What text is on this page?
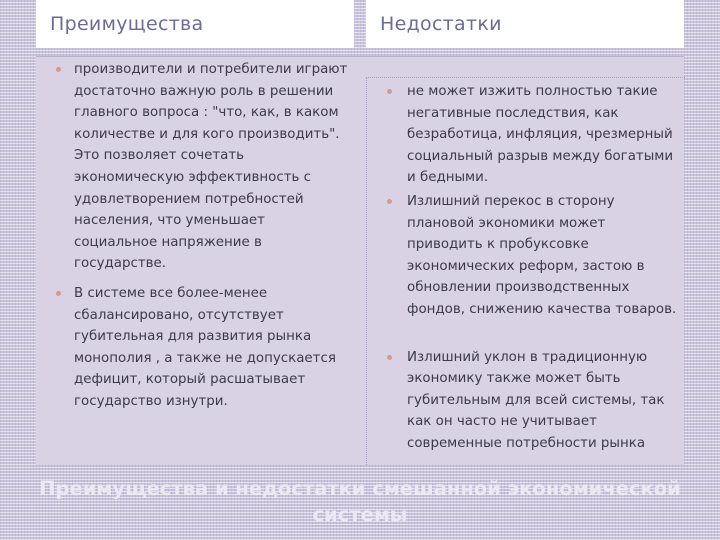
Преимущества	Недостатки
производители и потребители играют достаточно важную роль в решении главного вопроса : "что, как, в каком количестве и для кого производить". Это позволяет сочетать экономическую эффективность с удовлетворением потребностей населения, что уменьшает социальное напряжение в государстве.
В системе все более-менее сбалансировано, отсутствует губительная для развития рынка монополия , а также не допускается дефицит, который расшатывает государство изнутри.
не может изжить полностью такие негативные последствия, как безработица, инфляция, чрезмерный социальный разрыв между богатыми и бедными.
Излишний перекос в сторону плановой экономики может приводить к пробуксовке экономических реформ, застою в обновлении производственных фондов, снижению качества товаров.
Излишний уклон в традиционную экономику также может быть губительным для всей системы, так как он часто не учитывает современные потребности рынка
Преимущества и недостатки смешанной экономической системы
